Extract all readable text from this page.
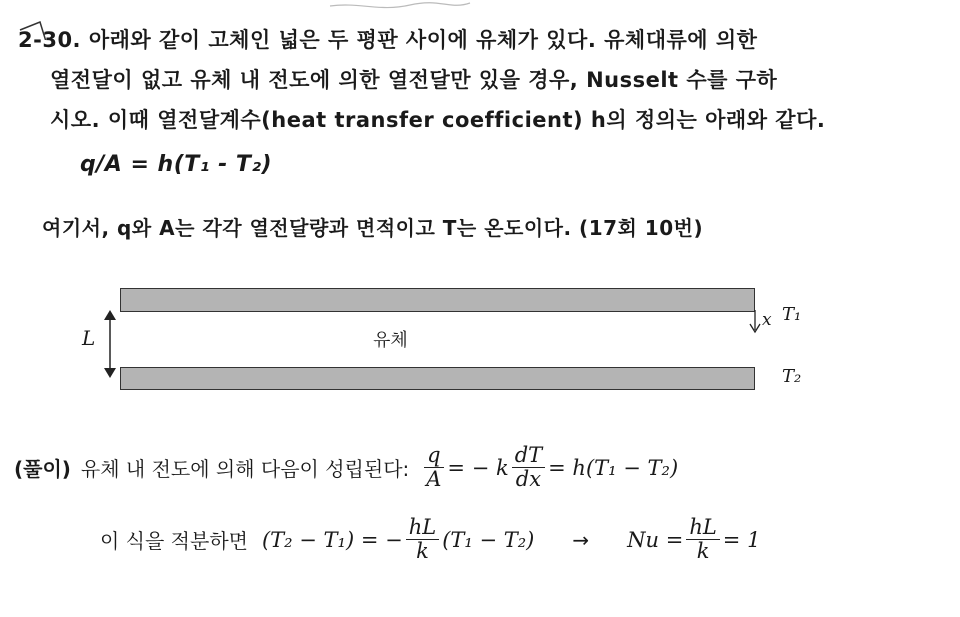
2-30. 아래와 같이 고체인 넓은 두 평판 사이에 유체가 있다. 유체대류에 의한
열전달이 없고 유체 내 전도에 의한 열전달만 있을 경우, Nusselt 수를 구하
시오. 이때 열전달계수(heat transfer coefficient) h의 정의는 아래와 같다.
q/A = h(T₁ - T₂)
여기서, q와 A는 각각 열전달량과 면적이고 T는 온도이다. (17회 10번)
L	유체
x T₁
T₂
(풀이) 유체 내 전도에 의해 다음이 성립된다: $\frac{q}{A}$ = − k $\frac{dT}{dx} = h(T_1 - T_2)$
이 식을 적분하면 (T₂ − T₁) = − $\frac{hL}{k} (T_1 - T_2) \to Nu = \frac{hL}{k} = 1$
